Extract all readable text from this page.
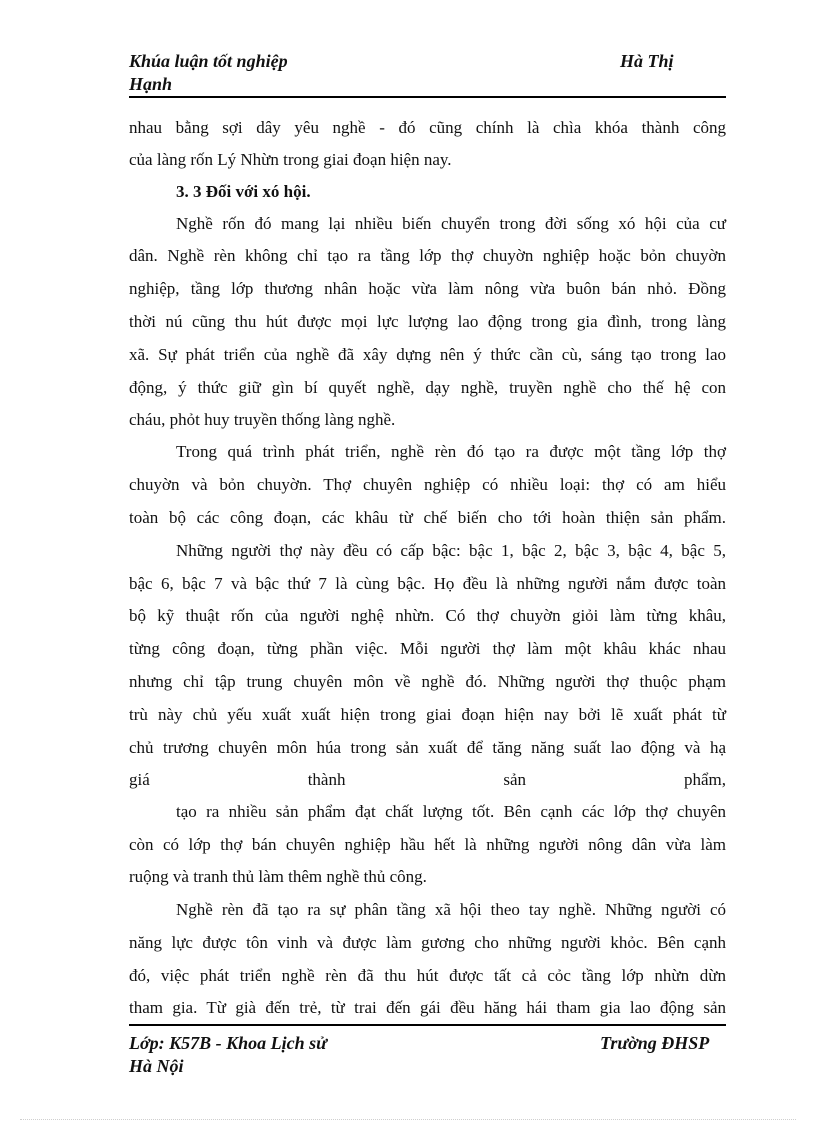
Khúa luận tốt nghiệp	Hà Thị
Hạnh
nhau bằng sợi dây yêu nghề - đó cũng chính là chìa khóa thành công
của làng rốn Lý Nhừn trong giai đoạn hiện nay.
3. 3 Đối với xó hội.
Nghề rốn đó mang lại nhiều biến chuyển trong đời sống xó hội của cư
dân. Nghề rèn không chỉ tạo ra tầng lớp thợ chuyờn nghiệp hoặc bỏn chuyờn
nghiệp, tầng lớp thương nhân hoặc vừa làm nông vừa buôn bán nhỏ. Đồng
thời nú cũng thu hút được mọi lực lượng lao động trong gia đình, trong làng
xã. Sự phát triển của nghề đã xây dựng nên ý thức cần cù, sáng tạo trong lao
động, ý thức giữ gìn bí quyết nghề, dạy nghề, truyền nghề cho thế hệ con
cháu, phỏt huy truyền thống làng nghề.
Trong quá trình phát triển, nghề rèn đó tạo ra được một tầng lớp thợ
chuyờn và bỏn chuyờn. Thợ chuyên nghiệp có nhiều loại: thợ có am hiểu
toàn bộ các công đoạn, các khâu từ chế biến cho tới hoàn thiện sản phẩm.
Những người thợ này đều có cấp bậc: bậc 1, bậc 2, bậc 3, bậc 4, bậc 5,
bậc 6, bậc 7 và bậc thứ 7 là cùng bậc. Họ đều là những người nắm được toàn
bộ kỹ thuật rốn của người nghệ nhừn. Có thợ chuyờn giỏi làm từng khâu,
từng công đoạn, từng phần việc. Mỗi người thợ làm một khâu khác nhau
nhưng chỉ tập trung chuyên môn về nghề đó. Những người thợ thuộc phạm
trù này chủ yếu xuất xuất hiện trong giai đoạn hiện nay bởi lẽ xuất phát từ
chủ trương chuyên môn húa trong sản xuất để tăng năng suất lao động và hạ
giá thành sản phẩm,
tạo ra nhiều sản phẩm đạt chất lượng tốt. Bên cạnh các lớp thợ chuyên
còn có lớp thợ bán chuyên nghiệp hầu hết là những người nông dân vừa làm
ruộng và tranh thủ làm thêm nghề thủ công.
Nghề rèn đã tạo ra sự phân tầng xã hội theo tay nghề. Những người có
năng lực được tôn vinh và được làm gương cho những người khỏc. Bên cạnh
đó, việc phát triển nghề rèn đã thu hút được tất cả cỏc tầng lớp nhừn dừn
tham gia. Từ già đến trẻ, từ trai đến gái đều hăng hái tham gia lao động sản
Lớp: K57B - Khoa Lịch sử	Trường ĐHSP
Hà Nội
